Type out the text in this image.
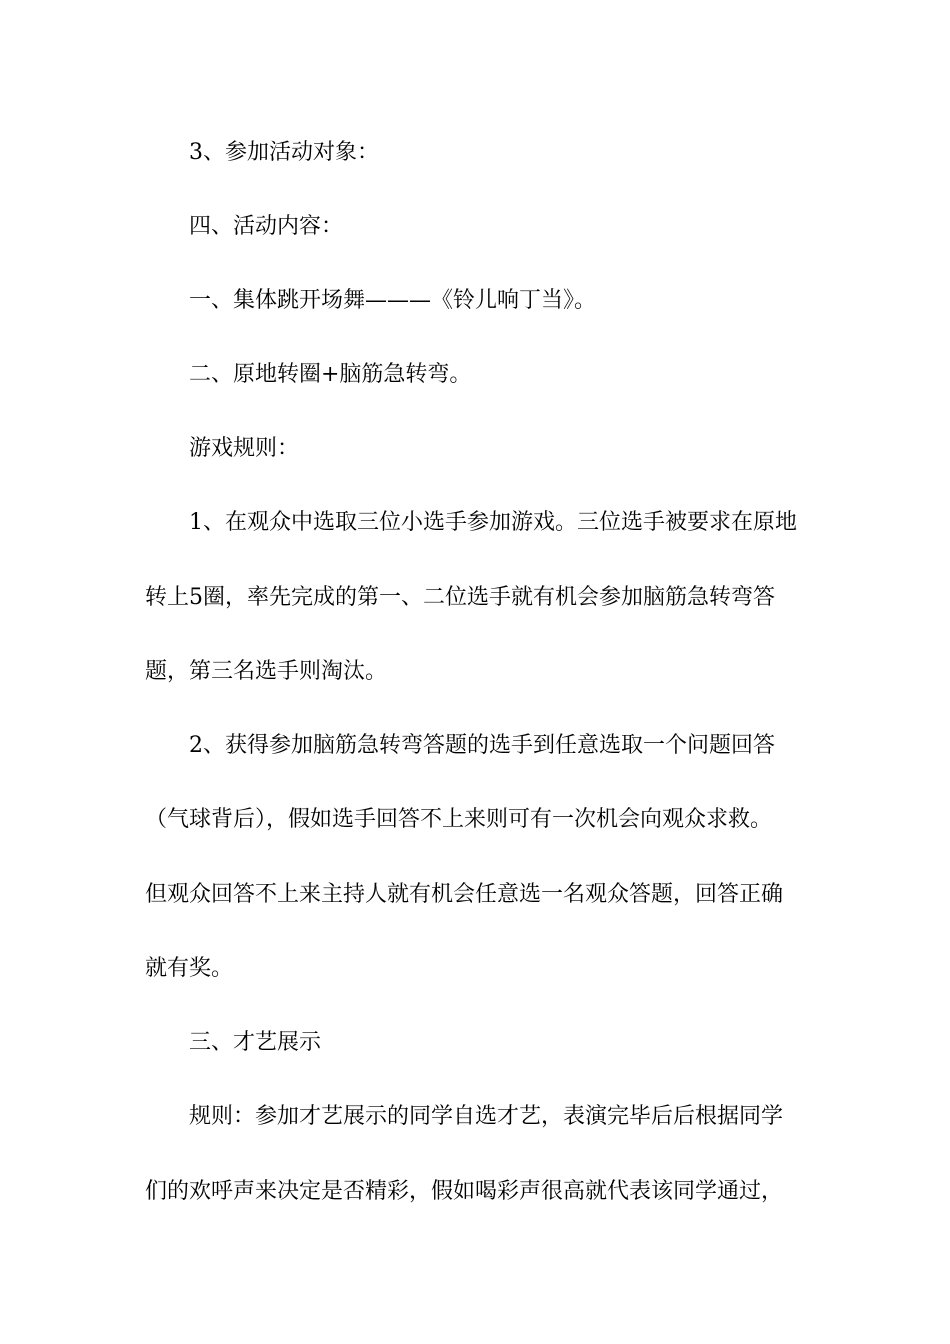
3、参加活动对象：
四、活动内容：
一、集体跳开场舞———《铃儿响丁当》。
二、原地转圈+脑筋急转弯。
游戏规则：
1、在观众中选取三位小选手参加游戏。三位选手被要求在原地
转上5圈，率先完成的第一、二位选手就有机会参加脑筋急转弯答
题，第三名选手则淘汰。
2、获得参加脑筋急转弯答题的选手到任意选取一个问题回答
（气球背后），假如选手回答不上来则可有一次机会向观众求救。
但观众回答不上来主持人就有机会任意选一名观众答题，回答正确
就有奖。
三、才艺展示
规则：参加才艺展示的同学自选才艺，表演完毕后后根据同学
们的欢呼声来决定是否精彩，假如喝彩声很高就代表该同学通过，
